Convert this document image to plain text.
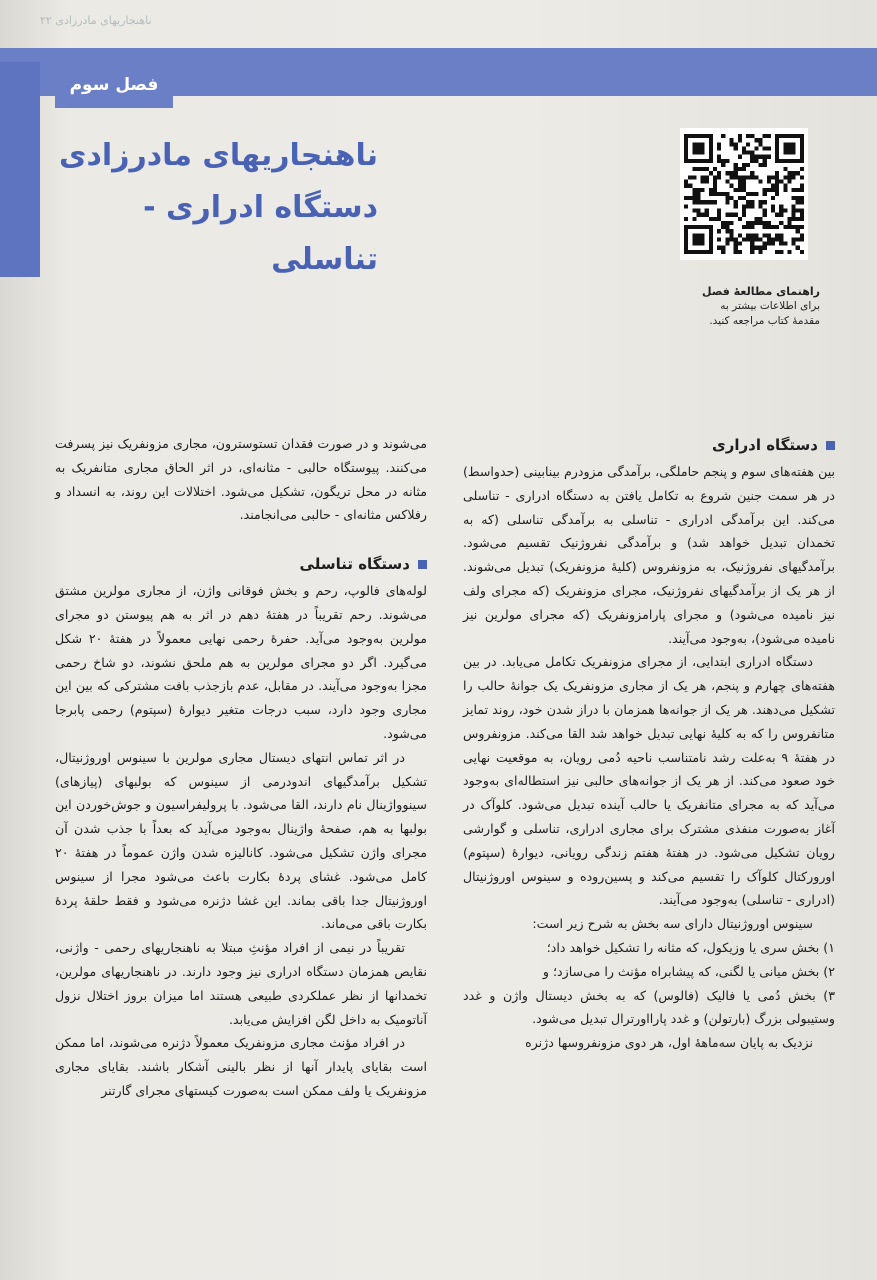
۲۲ ناهنجاریهای مادرزادی
فصل سوم
ناهنجاریهای مادرزادی
دستگاه ادراری - تناسلی
راهنمای مطالعهٔ فصل
برای اطلاعات بیشتر به
مقدمهٔ کتاب مراجعه کنید.
دستگاه ادراری

بین هفته‌های سوم و پنجم حاملگی، برآمدگی مزودرم بینابینی (حدواسط) در هر سمت جنین شروع به تکامل یافتن به دستگاه ادراری - تناسلی می‌کند. این برآمدگی ادراری - تناسلی به برآمدگی تناسلی (که به تخمدان تبدیل خواهد شد) و برآمدگی نفروژنیک تقسیم می‌شود. برآمدگیهای نفروژنیک، به مزونفروس (کلیهٔ مزونفریک) تبدیل می‌شوند. از هر یک از برآمدگیهای نفروژنیک، مجرای مزونفریک (که مجرای ولف نیز نامیده می‌شود) و مجرای پارامزونفریک (که مجرای مولرین نیز نامیده می‌شود)، به‌وجود می‌آیند.

دستگاه ادراری ابتدایی، از مجرای مزونفریک تکامل می‌یابد. در بین هفته‌های چهارم و پنجم، هر یک از مجاری مزونفریک یک جوانهٔ حالب را تشکیل می‌دهند. هر یک از جوانه‌ها همزمان با دراز شدن خود، روند تمایز متانفروس را که به کلیهٔ نهایی تبدیل خواهد شد القا می‌کند. مزونفروس در هفتهٔ ۹ به‌علت رشد نامتناسب ناحیه دُمی رویان، به موقعیت نهایی خود صعود می‌کند. از هر یک از جوانه‌های حالبی نیز استطاله‌ای به‌وجود می‌آید که به مجرای متانفریک یا حالب آینده تبدیل می‌شود. کلوآک در آغاز به‌صورت منفذی مشترک برای مجاری ادراری، تناسلی و گوارشی رویان تشکیل می‌شود. در هفتهٔ هفتم زندگی رویانی، دیوارهٔ (سپتوم) اورورکتال کلوآک را تقسیم می‌کند و پسین‌روده و سینوس اوروژنیتال (ادراری - تناسلی) به‌وجود می‌آیند.

سینوس اوروژنیتال دارای سه بخش به شرح زیر است:

۱) بخش سری یا وزیکول، که مثانه را تشکیل خواهد داد؛

۲) بخش میانی یا لگنی، که پیشابراه مؤنث را می‌سازد؛ و

۳) بخش دُمی یا فالیک (فالوس) که به بخش دیستال واژن و غدد وستیبولی بزرگ (بارتولن) و غدد پارااورترال تبدیل می‌شود.

نزدیک به پایان سه‌ماههٔ اول، هر دوی مزونفروسها دژنره

می‌شوند و در صورت فقدان تستوسترون، مجاری مزونفریک نیز پسرفت می‌کنند. پیوستگاه حالبی - مثانه‌ای، در اثر الحاق مجاری متانفریک به مثانه در محل تریگون، تشکیل می‌شود. اختلالات این روند، به انسداد و رفلاکس مثانه‌ای - حالبی می‌انجامند.

دستگاه تناسلی

لوله‌های فالوپ، رحم و بخش فوقانی واژن، از مجاری مولرین مشتق می‌شوند. رحم تقریباً در هفتهٔ دهم در اثر به هم پیوستن دو مجرای مولرین به‌وجود می‌آید. حفرهٔ رحمی نهایی معمولاً در هفتهٔ ۲۰ شکل می‌گیرد. اگر دو مجرای مولرین به هم ملحق نشوند، دو شاخ رحمی مجزا به‌وجود می‌آیند. در مقابل، عدم بازجذب بافت مشترکی که بین این مجاری وجود دارد، سبب درجات متغیر دیوارهٔ (سپتوم) رحمی پابرجا می‌شود.

در اثر تماس انتهای دیستال مجاری مولرین با سینوس اوروژنیتال، تشکیل برآمدگیهای اندودرمی از سینوس که بولبهای (پیازهای) سینوواژینال نام دارند، القا می‌شود. با پرولیفراسیون و جوش‌خوردن این بولبها به هم، صفحهٔ واژینال به‌وجود می‌آید که بعداً با جذب شدن آن مجرای واژن تشکیل می‌شود. کانالیزه شدن واژن عموماً در هفتهٔ ۲۰ کامل می‌شود. غشای پردهٔ بکارت باعث می‌شود مجرا از سینوس اوروژنیتال جدا باقی بماند. این غشا دژنره می‌شود و فقط حلقهٔ پردهٔ بکارت باقی می‌ماند.

تقریباً در نیمی از افراد مؤنثِ مبتلا به ناهنجاریهای رحمی - واژنی، نقایص همزمان دستگاه ادراری نیز وجود دارند. در ناهنجاریهای مولرین، تخمدانها از نظر عملکردی طبیعی هستند اما میزان بروز اختلال نزول آناتومیک به داخل لگن افزایش می‌یابد.

در افراد مؤنث مجاری مزونفریک معمولاً دژنره می‌شوند، اما ممکن است بقایای پایدار آنها از نظر بالینی آشکار باشند. بقایای مجاری مزونفریک یا ولف ممکن است به‌صورت کیستهای مجرای گارتنر
